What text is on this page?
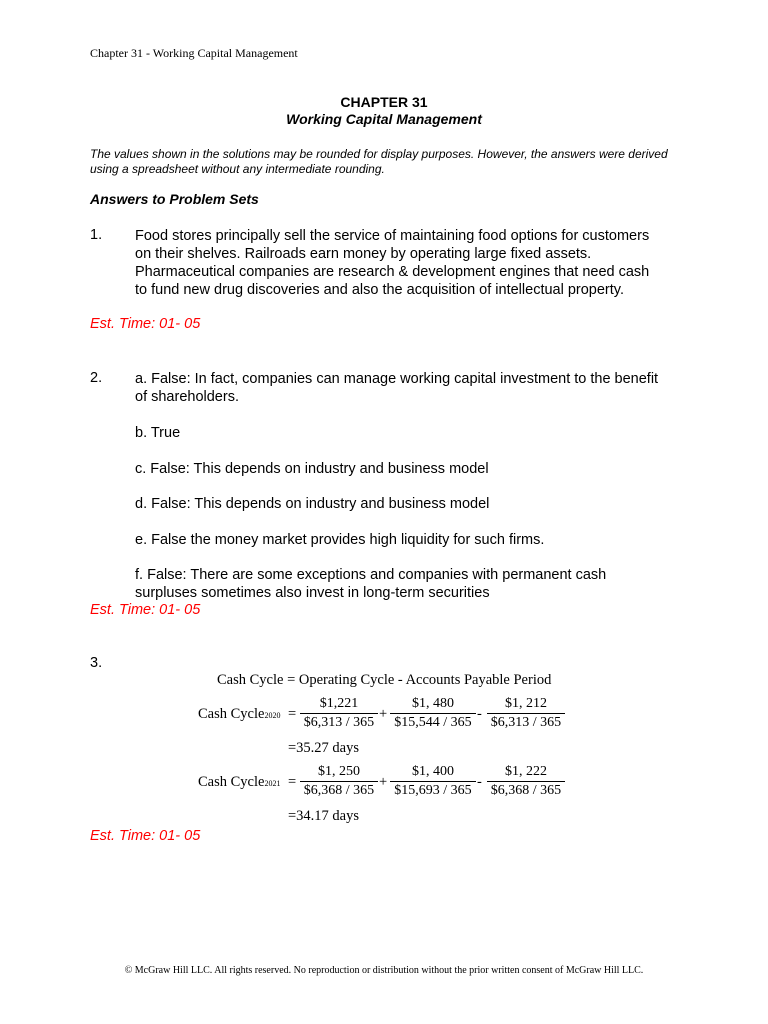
Chapter 31 - Working Capital Management
CHAPTER 31
Working Capital Management
The values shown in the solutions may be rounded for display purposes. However, the answers were derived using a spreadsheet without any intermediate rounding.
Answers to Problem Sets
1. Food stores principally sell the service of maintaining food options for customers on their shelves. Railroads earn money by operating large fixed assets. Pharmaceutical companies are research & development engines that need cash to fund new drug discoveries and also the acquisition of intellectual property.

Est. Time: 01- 05
2. a. False: In fact, companies can manage working capital investment to the benefit of shareholders.
b. True
c. False: This depends on industry and business model
d. False: This depends on industry and business model
e. False the money market provides high liquidity for such firms.
f. False: There are some exceptions and companies with permanent cash surpluses sometimes also invest in long-term securities
Est. Time: 01- 05
3.
Cash Cycle = Operating Cycle - Accounts Payable Period
Cash Cycle2020 =
$1,221
$6,313 / 365
+
$1, 480
$15,544 / 365
-
$1, 212
$6,313 / 365
=35.27 days
Cash Cycle2021 =
$1, 250
$6,368 / 365
+
$1, 400
$15,693 / 365
-
$1, 222
$6,368 / 365
=34.17 days
Est. Time: 01- 05
© McGraw Hill LLC. All rights reserved. No reproduction or distribution without the prior written consent of McGraw Hill LLC.
